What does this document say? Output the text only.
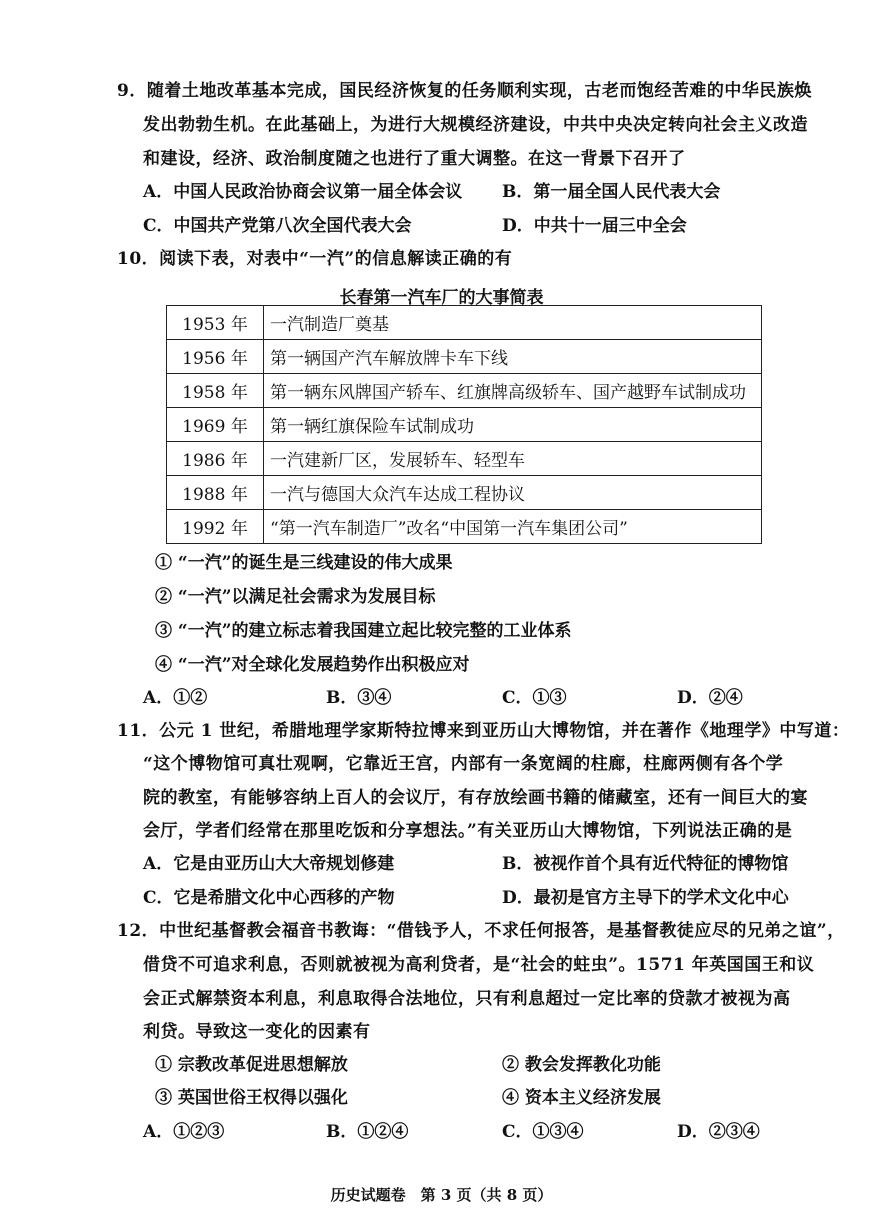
9．随着土地改革基本完成，国民经济恢复的任务顺利实现，古老而饱经苦难的中华民族焕
发出勃勃生机。在此基础上，为进行大规模经济建设，中共中央决定转向社会主义改造
和建设，经济、政治制度随之也进行了重大调整。在这一背景下召开了
A．中国人民政治协商会议第一届全体会议 B．第一届全国人民代表大会
C．中国共产党第八次全国代表大会	D．中共十一届三中全会
10．阅读下表，对表中“一汽”的信息解读正确的有
长春第一汽车厂的大事简表
1953 年	一汽制造厂奠基
1956 年	第一辆国产汽车解放牌卡车下线
1958 年	第一辆东风牌国产轿车、红旗牌高级轿车、国产越野车试制成功
1969 年	第一辆红旗保险车试制成功
1986 年	一汽建新厂区，发展轿车、轻型车
1988 年	一汽与德国大众汽车达成工程协议
1992 年	“第一汽车制造厂”改名“中国第一汽车集团公司”
① “一汽”的诞生是三线建设的伟大成果
② “一汽”以满足社会需求为发展目标
③ “一汽”的建立标志着我国建立起比较完整的工业体系
④ “一汽”对全球化发展趋势作出积极应对
A．①②	B．③④	C．①③	D．②④
11．公元 1 世纪，希腊地理学家斯特拉博来到亚历山大博物馆，并在著作《地理学》中写道：
“这个博物馆可真壮观啊，它靠近王宫，内部有一条宽阔的柱廊，柱廊两侧有各个学
院的教室，有能够容纳上百人的会议厅，有存放绘画书籍的储藏室，还有一间巨大的宴
会厅，学者们经常在那里吃饭和分享想法。”有关亚历山大博物馆，下列说法正确的是
A．它是由亚历山大大帝规划修建	B．被视作首个具有近代特征的博物馆
C．它是希腊文化中心西移的产物	D．最初是官方主导下的学术文化中心
12．中世纪基督教会福音书教诲：“借钱予人，不求任何报答，是基督教徒应尽的兄弟之谊”，
借贷不可追求利息，否则就被视为高利贷者，是“社会的蛀虫”。1571 年英国国王和议
会正式解禁资本利息，利息取得合法地位，只有利息超过一定比率的贷款才被视为高
利贷。导致这一变化的因素有
① 宗教改革促进思想解放	② 教会发挥教化功能
③ 英国世俗王权得以强化	④ 资本主义经济发展
A．①②③	B．①②④	C．①③④	D．②③④
历史试题卷　第 3 页（共 8 页）
